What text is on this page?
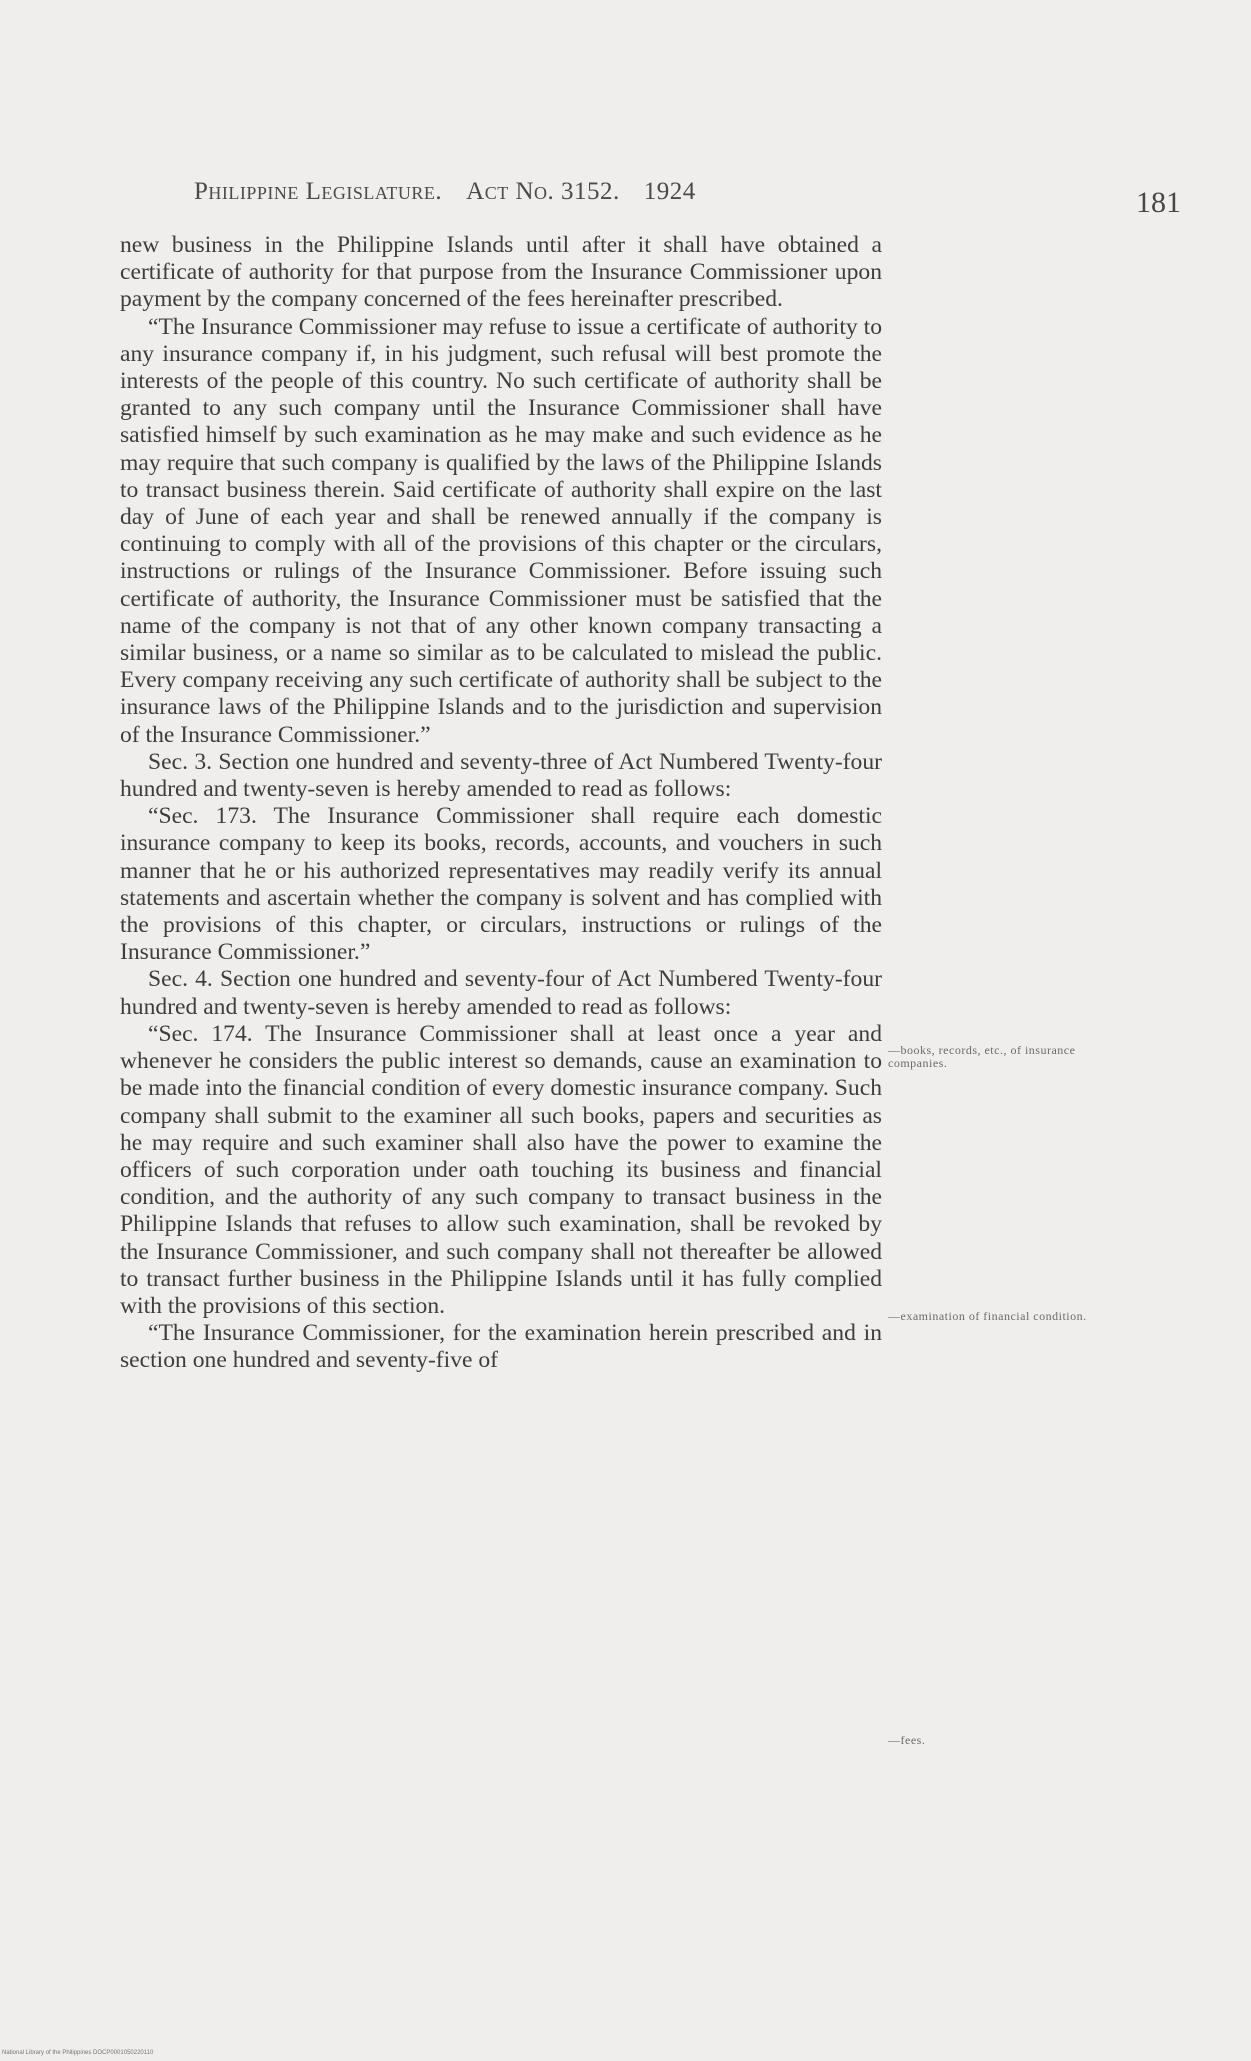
Philippine Legislature. Act No. 3152. 1924	181

new business in the Philippine Islands until after it shall have obtained a certificate of authority for that purpose from the Insurance Commissioner upon payment by the company concerned of the fees hereinafter prescribed.

“The Insurance Commissioner may refuse to issue a certificate of authority to any insurance company if, in his judgment, such refusal will best promote the interests of the people of this country. No such certificate of authority shall be granted to any such company until the Insurance Commissioner shall have satisfied himself by such examination as he may make and such evidence as he may require that such company is qualified by the laws of the Philippine Islands to transact business therein. Said certificate of authority shall expire on the last day of June of each year and shall be renewed annually if the company is continuing to comply with all of the provisions of this chapter or the circulars, instructions or rulings of the Insurance Commissioner. Before issuing such certificate of authority, the Insurance Commissioner must be satisfied that the name of the company is not that of any other known company transacting a similar business, or a name so similar as to be calculated to mislead the public. Every company receiving any such certificate of authority shall be subject to the insurance laws of the Philippine Islands and to the jurisdiction and supervision of the Insurance Commissioner.”

Sec. 3. Section one hundred and seventy-three of Act Numbered Twenty-four hundred and twenty-seven is hereby amended to read as follows:

“Sec. 173. The Insurance Commissioner shall require each domestic insurance company to keep its books, records, accounts, and vouchers in such manner that he or his authorized representatives may readily verify its annual statements and ascertain whether the company is solvent and has complied with the provisions of this chapter, or circulars, instructions or rulings of the Insurance Commissioner.”

Sec. 4. Section one hundred and seventy-four of Act Numbered Twenty-four hundred and twenty-seven is hereby amended to read as follows:

“Sec. 174. The Insurance Commissioner shall at least once a year and whenever he considers the public interest so demands, cause an examination to be made into the financial condition of every domestic insurance company. Such company shall submit to the examiner all such books, papers and securities as he may require and such examiner shall also have the power to examine the officers of such corporation under oath touching its business and financial condition, and the authority of any such company to transact business in the Philippine Islands that refuses to allow such examination, shall be revoked by the Insurance Commissioner, and such company shall not thereafter be allowed to transact further business in the Philippine Islands until it has fully complied with the provisions of this section.

“The Insurance Commissioner, for the examination herein prescribed and in section one hundred and seventy-five of

—books, records, etc., of insurance companies.
—examination of financial condition.
—fees.
National Library of the Philippines DOCP0001050220110
